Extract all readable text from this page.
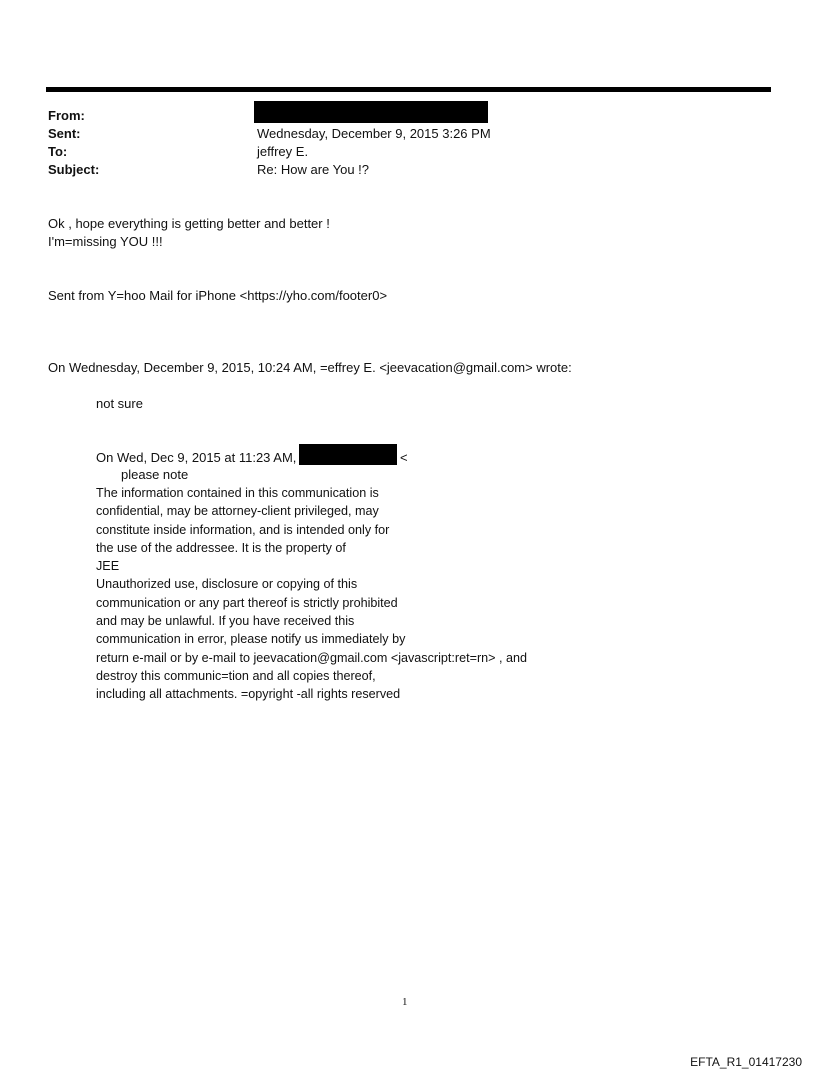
From:
Sent:	Wednesday, December 9, 2015 3:26 PM
To:	jeffrey E.
Subject:	Re: How are You !?
Ok , hope everything is getting better and better !
I'm=missing YOU !!!
Sent from Y=hoo Mail for iPhone <https://yho.com/footer0>
On Wednesday, December 9, 2015, 10:24 AM, =effrey E. <jeevacation@gmail.com> wrote:
not sure
On Wed, Dec 9, 2015 at 11:23 AM,	<
please note
The information contained in this communication is
confidential, may be attorney-client privileged, may
constitute inside information, and is intended only for
the use of the addressee. It is the property of
JEE
Unauthorized use, disclosure or copying of this
communication or any part thereof is strictly prohibited
and may be unlawful. If you have received this
communication in error, please notify us immediately by
return e-mail or by e-mail to jeevacation@gmail.com <javascript:ret=rn> , and
destroy this communic=tion and all copies thereof,
including all attachments. =opyright -all rights reserved
1
EFTA_R1_01417230
